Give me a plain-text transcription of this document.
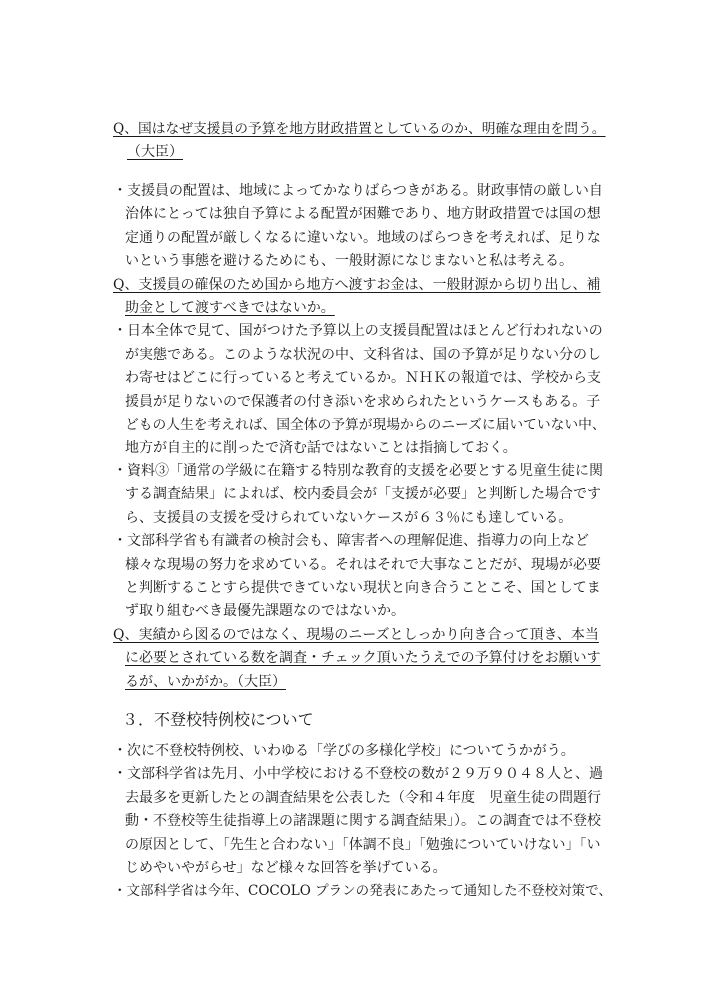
Q、国はなぜ支援員の予算を地方財政措置としているのか、明確な理由を問う。
（大臣）
・支援員の配置は、地域によってかなりばらつきがある。財政事情の厳しい自
治体にとっては独自予算による配置が困難であり、地方財政措置では国の想
定通りの配置が厳しくなるに違いない。地域のばらつきを考えれば、足りな
いという事態を避けるためにも、一般財源になじまないと私は考える。
Q、支援員の確保のため国から地方へ渡すお金は、一般財源から切り出し、補
助金として渡すべきではないか。
・日本全体で見て、国がつけた予算以上の支援員配置はほとんど行われないの
が実態である。このような状況の中、文科省は、国の予算が足りない分のし
わ寄せはどこに行っていると考えているか。ＮＨＫの報道では、学校から支
援員が足りないので保護者の付き添いを求められたというケースもある。子
どもの人生を考えれば、国全体の予算が現場からのニーズに届いていない中、
地方が自主的に削ったで済む話ではないことは指摘しておく。
・資料③「通常の学級に在籍する特別な教育的支援を必要とする児童生徒に関
する調査結果」によれば、校内委員会が「支援が必要」と判断した場合です
ら、支援員の支援を受けられていないケースが６３％にも達している。
・文部科学省も有識者の検討会も、障害者への理解促進、指導力の向上など
様々な現場の努力を求めている。それはそれで大事なことだが、現場が必要
と判断することすら提供できていない現状と向き合うことこそ、国としてま
ず取り組むべき最優先課題なのではないか。
Q、実績から図るのではなく、現場のニーズとしっかり向き合って頂き、本当
に必要とされている数を調査・チェック頂いたうえでの予算付けをお願いす
るが、いかがか。（大臣）
３．不登校特例校について
・次に不登校特例校、いわゆる「学びの多様化学校」についてうかがう。
・文部科学省は先月、小中学校における不登校の数が２９万９０４８人と、過
去最多を更新したとの調査結果を公表した（令和４年度　児童生徒の問題行
動・不登校等生徒指導上の諸課題に関する調査結果」）。この調査では不登校
の原因として、「先生と合わない」「体調不良」「勉強についていけない」「い
じめやいやがらせ」など様々な回答を挙げている。
・文部科学省は今年、COCOLO プランの発表にあたって通知した不登校対策で、
